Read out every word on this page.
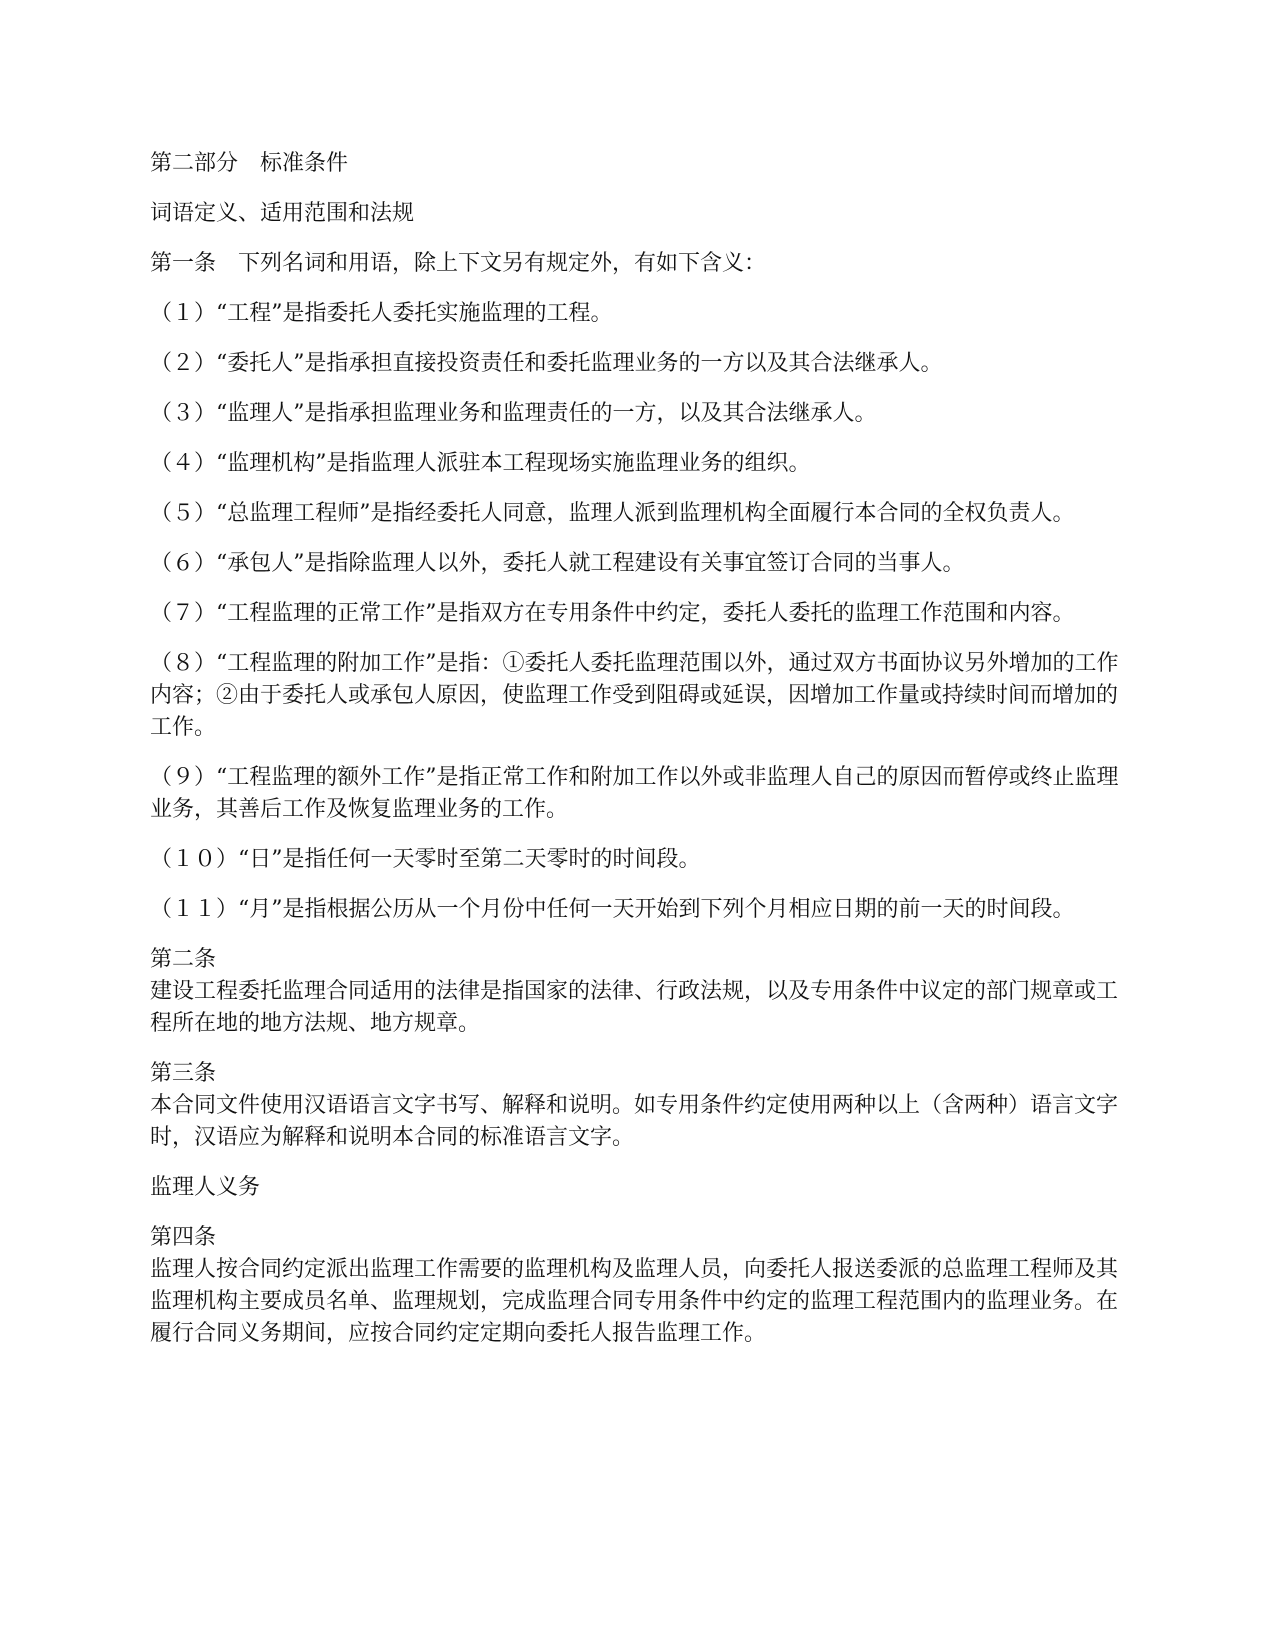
第二部分　标准条件

词语定义、适用范围和法规

第一条　下列名词和用语，除上下文另有规定外，有如下含义：

（１）“工程”是指委托人委托实施监理的工程。

（２）“委托人”是指承担直接投资责任和委托监理业务的一方以及其合法继承人。

（３）“监理人”是指承担监理业务和监理责任的一方，以及其合法继承人。

（４）“监理机构”是指监理人派驻本工程现场实施监理业务的组织。

（５）“总监理工程师”是指经委托人同意，监理人派到监理机构全面履行本合同的全权负责人。

（６）“承包人”是指除监理人以外，委托人就工程建设有关事宜签订合同的当事人。

（７）“工程监理的正常工作”是指双方在专用条件中约定，委托人委托的监理工作范围和内容。

（８）“工程监理的附加工作”是指：①委托人委托监理范围以外，通过双方书面协议另外增加的工作内容；②由于委托人或承包人原因，使监理工作受到阻碍或延误，因增加工作量或持续时间而增加的工作。

（９）“工程监理的额外工作”是指正常工作和附加工作以外或非监理人自己的原因而暂停或终止监理业务，其善后工作及恢复监理业务的工作。

（１０）“日”是指任何一天零时至第二天零时的时间段。

（１１）“月”是指根据公历从一个月份中任何一天开始到下列个月相应日期的前一天的时间段。

第二条

建设工程委托监理合同适用的法律是指国家的法律、行政法规，以及专用条件中议定的部门规章或工程所在地的地方法规、地方规章。

第三条

本合同文件使用汉语语言文字书写、解释和说明。如专用条件约定使用两种以上（含两种）语言文字时，汉语应为解释和说明本合同的标准语言文字。

监理人义务

第四条

监理人按合同约定派出监理工作需要的监理机构及监理人员，向委托人报送委派的总监理工程师及其监理机构主要成员名单、监理规划，完成监理合同专用条件中约定的监理工程范围内的监理业务。在履行合同义务期间，应按合同约定定期向委托人报告监理工作。
